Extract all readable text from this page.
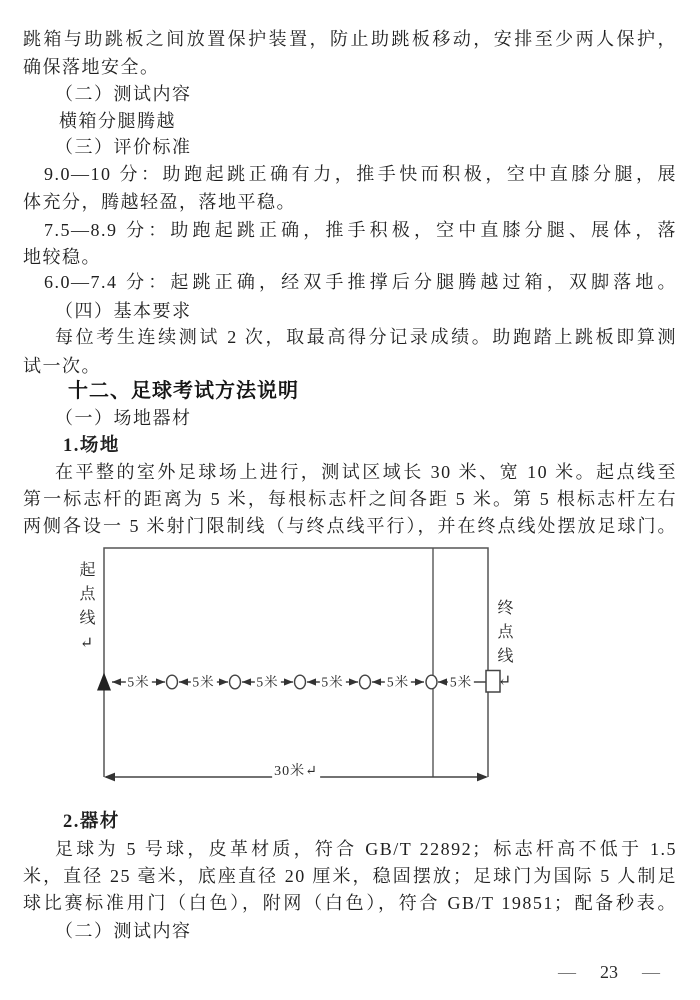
跳箱与助跳板之间放置保护装置，防止助跳板移动，安排至少两人保护，
确保落地安全。
（二）测试内容
横箱分腿腾越
（三）评价标准
9.0—10 分：助跑起跳正确有力，推手快而积极，空中直膝分腿，展
体充分，腾越轻盈，落地平稳。
7.5—8.9 分：助跑起跳正确，推手积极，空中直膝分腿、展体，落
地较稳。
6.0—7.4 分：起跳正确，经双手推撑后分腿腾越过箱，双脚落地。
（四）基本要求
每位考生连续测试 2 次，取最高得分记录成绩。助跑踏上跳板即算测
试一次。
十二、足球考试方法说明
（一）场地器材
1.场地
在平整的室外足球场上进行，测试区域长 30 米、宽 10 米。起点线至
第一标志杆的距离为 5 米，每根标志杆之间各距 5 米。第 5 根标志杆左右
两侧各设一 5 米射门限制线（与终点线平行），并在终点线处摆放足球门。
2.器材
足球为 5 号球，皮革材质，符合 GB/T 22892；标志杆高不低于 1.5
米，直径 25 毫米，底座直径 20 厘米，稳固摆放；足球门为国际 5 人制足
球比赛标准用门（白色），附网（白色），符合 GB/T 19851；配备秒表。
（二）测试内容
起点线↵	终点线↵
5米	5米	5米	5米	5米	5米
30米↵
— 23 —
